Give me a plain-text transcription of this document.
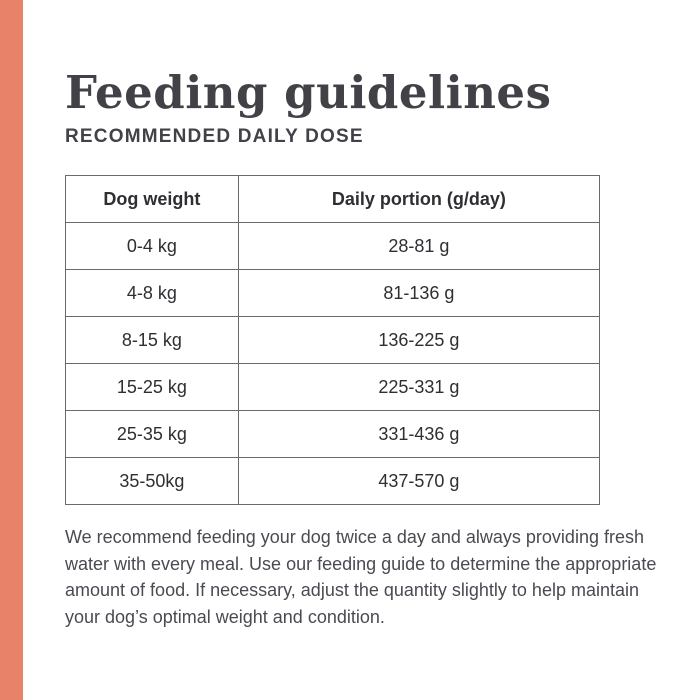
Feeding guidelines
RECOMMENDED DAILY DOSE
Dog weight	Daily portion (g/day)
0-4 kg	28-81 g
4-8 kg	81-136 g
8-15 kg	136-225 g
15-25 kg	225-331 g
25-35 kg	331-436 g
35-50kg	437-570 g

We recommend feeding your dog twice a day and always providing fresh water with every meal. Use our feeding guide to determine the appropriate amount of food. If necessary, adjust the quantity slightly to help maintain your dog’s optimal weight and condition.
